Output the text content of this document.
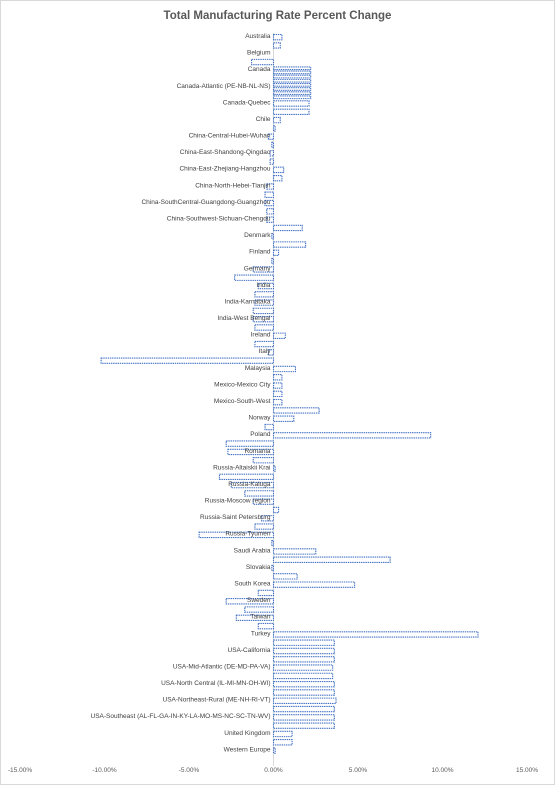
Total Manufacturing Rate Percent Change
Australia
Belgium
Canada
Canada-Atlantic (PE-NB-NL-NS)
Canada-Quebec
Chile
China-Central-Hubei-Wuhan
China-East-Shandong-Qingdao
China-East-Zhejiang-Hangzhou
China-North-Hebei-Tianjin
China-SouthCentral-Guangdong-Guangzhou
China-Southwest-Sichuan-Chengdu
Denmark
Finland
Germany
India
India-Karnataka
India-West Bengal
Ireland
Italy
Malaysia
Mexico-Mexico City
Mexico-South-West
Norway
Poland
Romania
Russia-Altaiskii Krai
Russia-Kaluga
Russia-Moscow region
Russia-Saint Petersburg
Russia-Tyumen
Saudi Arabia
Slovakia
South Korea
Sweden
Taiwan
Turkey
USA-California
USA-Mid-Atlantic (DE-MD-PA-VA)
USA-North Central (IL-MI-MN-OH-WI)
USA-Northeast-Rural (ME-NH-RI-VT)
USA-Southeast (AL-FL-GA-IN-KY-LA-MO-MS-NC-SC-TN-WV)
United Kingdom
Western Europe
-15.00%	-10.00%	-5.00%	0.00%	5.00%	10.00%	15.00%
